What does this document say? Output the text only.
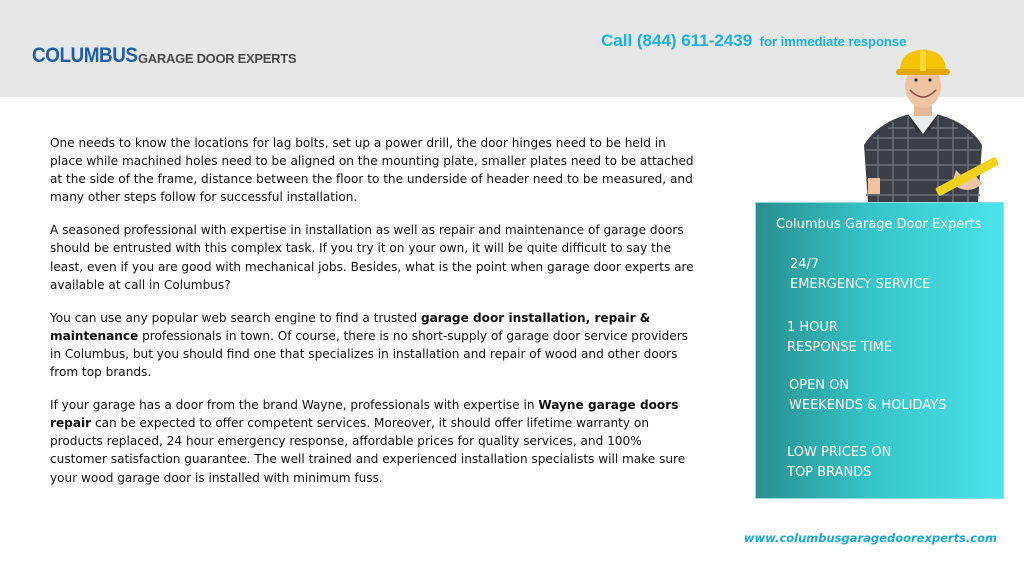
COLUMBUS GARAGE DOOR EXPERTS
Call (844) 611-2439 for immediate response

One needs to know the locations for lag bolts, set up a power drill, the door hinges need to be held in place while machined holes need to be aligned on the mounting plate, smaller plates need to be attached at the side of the frame, distance between the floor to the underside of header need to be measured, and many other steps follow for successful installation.

A seasoned professional with expertise in installation as well as repair and maintenance of garage doors should be entrusted with this complex task. If you try it on your own, it will be quite difficult to say the least, even if you are good with mechanical jobs. Besides, what is the point when garage door experts are available at call in Columbus?

You can use any popular web search engine to find a trusted garage door installation, repair & maintenance professionals in town. Of course, there is no short-supply of garage door service providers in Columbus, but you should find one that specializes in installation and repair of wood and other doors from top brands.

If your garage has a door from the brand Wayne, professionals with expertise in Wayne garage doors repair can be expected to offer competent services. Moreover, it should offer lifetime warranty on products replaced, 24 hour emergency response, affordable prices for quality services, and 100% customer satisfaction guarantee. The well trained and experienced installation specialists will make sure your wood garage door is installed with minimum fuss.

Columbus Garage Door Experts
24/7
EMERGENCY SERVICE
1 HOUR
RESPONSE TIME
OPEN ON
WEEKENDS & HOLIDAYS
LOW PRICES ON
TOP BRANDS
www.columbusgaragedoorexperts.com
